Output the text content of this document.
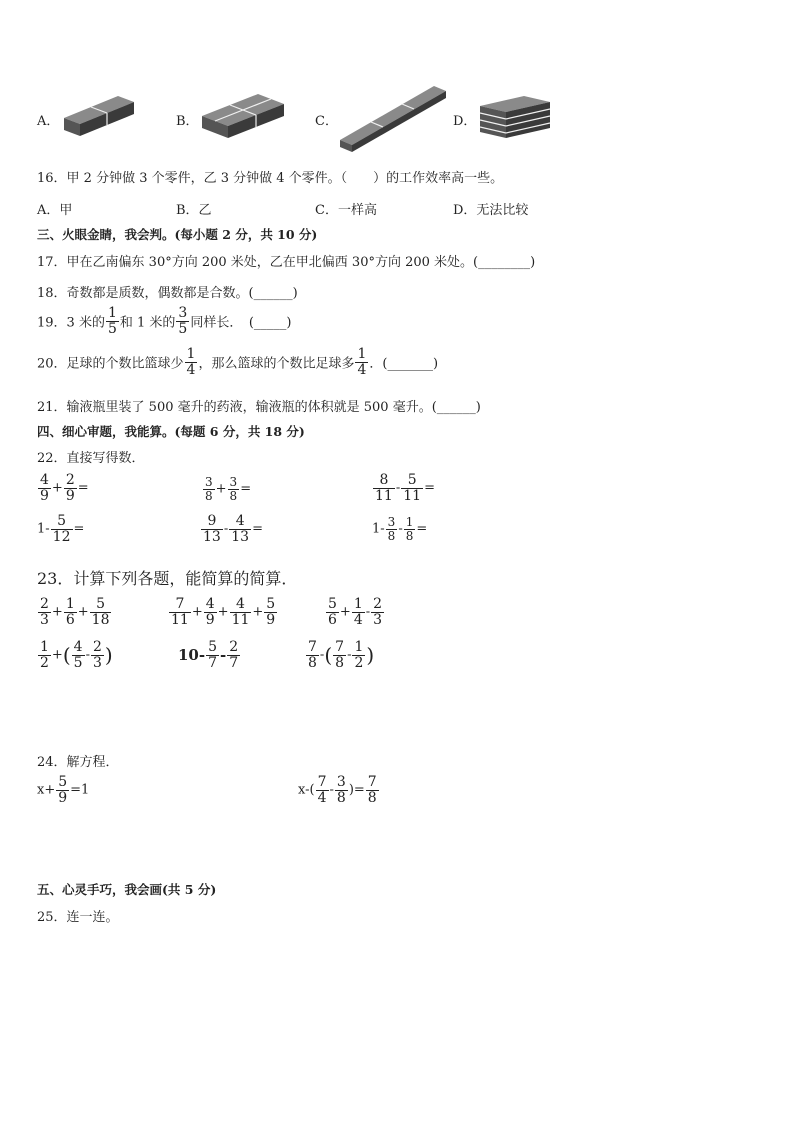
A．	B．	C．	D．
16．甲 2 分钟做 3 个零件，乙 3 分钟做 4 个零件。（　　）的工作效率高一些。
A．甲	B．乙	C．一样高	D．无法比较
三、火眼金睛，我会判。(每小题 2 分，共 10 分)
17．甲在乙南偏东 30°方向 200 米处，乙在甲北偏西 30°方向 200 米处。(________)
18．奇数都是质数，偶数都是合数。(______)
19．3 米的 $\frac{1}{5}$ 和 1 米的 $\frac{3}{5}$ 同样长．　(_____)
20．足球的个数比篮球少 $\frac{1}{4}$ ，那么篮球的个数比足球多 $\frac{1}{4}$ ．(_______)
21．输液瓶里装了 500 毫升的药液，输液瓶的体积就是 500 毫升。(______)
四、细心审题，我能算。(每题 6 分，共 18 分)
22．直接写得数．
$\frac{4}{9} + \frac{2}{9}$ =	$\frac{3}{8} + \frac{3}{8}$ =	$\frac{8}{11} - \frac{5}{11}$ =
$1- \frac{5}{12}$ =	$\frac{9}{13} - \frac{4}{13}$ =	$1- \frac{3}{8} - \frac{1}{8}$ =
23．计算下列各题，能简算的简算．
$\frac{2}{3} + \frac{1}{6} + \frac{5}{18}$	$\frac{7}{11} + \frac{4}{9} + \frac{4}{11} + \frac{5}{9}$	$\frac{5}{6} + \frac{1}{4} - \frac{2}{3}$
$\frac{1}{2}$ +( $\frac{4}{5} - \frac{2}{3}$ )	$10- \frac{5}{7} - \frac{2}{7}$	$\frac{7}{8}$ -( $\frac{7}{8} - \frac{1}{2}$ )
24．解方程．
$x+ \frac{5}{9} =1$	$x-( \frac{7}{4} - \frac{3}{8}$ )= $\frac{7}{8}$
五、心灵手巧，我会画(共 5 分)
25．连一连。
